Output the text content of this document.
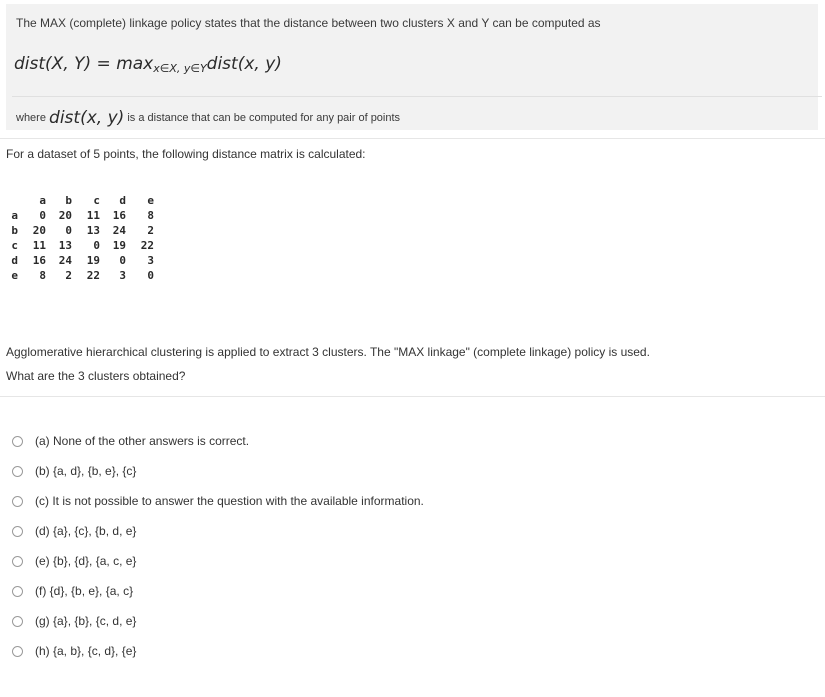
The MAX (complete) linkage policy states that the distance between two clusters X and Y can be computed as
dist(X, $Y) = \max_{x\in X, y\in Y}dist(x$, y)
where dist(x, y) is a distance that can be computed for any pair of points
For a dataset of 5 points, the following distance matrix is calculated:
	a	b	c	d	e
a	0	20	11	16	8
b	20	0	13	24	2
c	11	13	0	19	22
d	16	24	19	0	3
e	8	2	22	3	0
Agglomerative hierarchical clustering is applied to extract 3 clusters. The "MAX linkage" (complete linkage) policy is used.
What are the 3 clusters obtained?
(a) None of the other answers is correct.
(b) {a, d}, {b, e}, {c}
(c) It is not possible to answer the question with the available information.
(d) {a}, {c}, {b, d, e}
(e) {b}, {d}, {a, c, e}
(f) {d}, {b, e}, {a, c}
(g) {a}, {b}, {c, d, e}
(h) {a, b}, {c, d}, {e}
